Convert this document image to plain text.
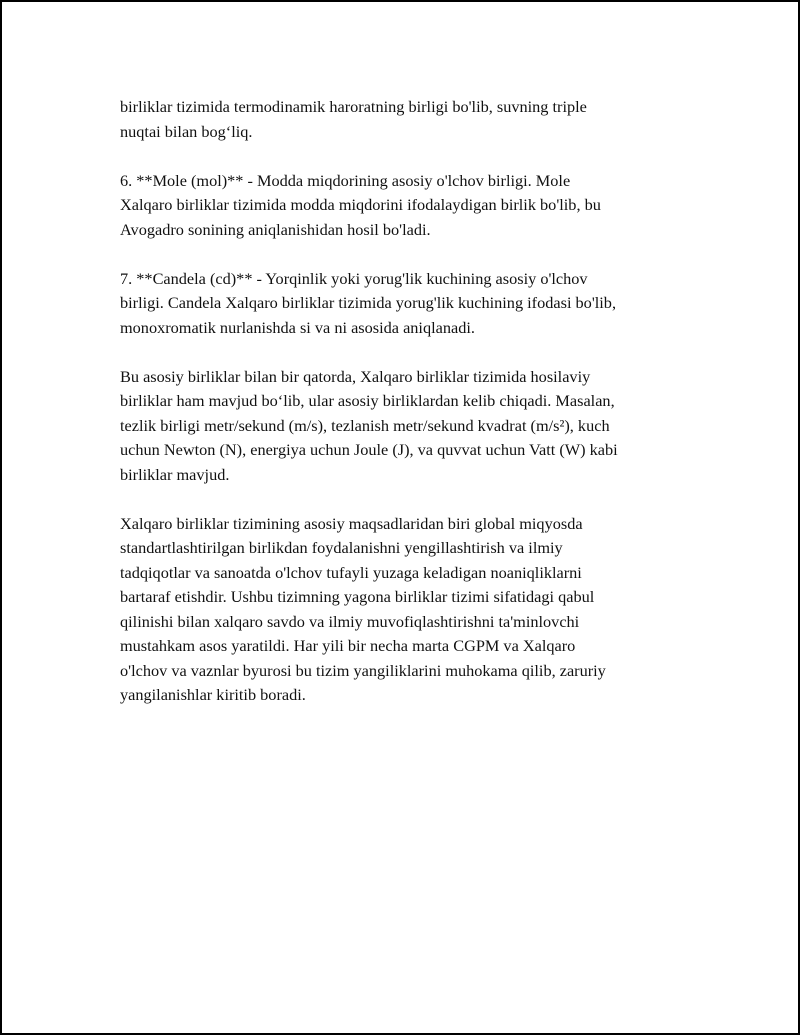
birliklar tizimida termodinamik haroratning birligi bo'lib, suvning triple
nuqtai bilan bog‘liq.

6. **Mole (mol)** - Modda miqdorining asosiy o'lchov birligi. Mole
Xalqaro birliklar tizimida modda miqdorini ifodalaydigan birlik bo'lib, bu
Avogadro sonining aniqlanishidan hosil bo'ladi.

7. **Candela (cd)** - Yorqinlik yoki yorug'lik kuchining asosiy o'lchov
birligi. Candela Xalqaro birliklar tizimida yorug'lik kuchining ifodasi bo'lib,
monoxromatik nurlanishda si va ni asosida aniqlanadi.

Bu asosiy birliklar bilan bir qatorda, Xalqaro birliklar tizimida hosilaviy
birliklar ham mavjud bo‘lib, ular asosiy birliklardan kelib chiqadi. Masalan,
tezlik birligi metr/sekund (m/s), tezlanish metr/sekund kvadrat (m/s²), kuch
uchun Newton (N), energiya uchun Joule (J), va quvvat uchun Vatt (W) kabi
birliklar mavjud.

Xalqaro birliklar tizimining asosiy maqsadlaridan biri global miqyosda
standartlashtirilgan birlikdan foydalanishni yengillashtirish va ilmiy
tadqiqotlar va sanoatda o'lchov tufayli yuzaga keladigan noaniqliklarni
bartaraf etishdir. Ushbu tizimning yagona birliklar tizimi sifatidagi qabul
qilinishi bilan xalqaro savdo va ilmiy muvofiqlashtirishni ta'minlovchi
mustahkam asos yaratildi. Har yili bir necha marta CGPM va Xalqaro
o'lchov va vaznlar byurosi bu tizim yangiliklarini muhokama qilib, zaruriy
yangilanishlar kiritib boradi.
